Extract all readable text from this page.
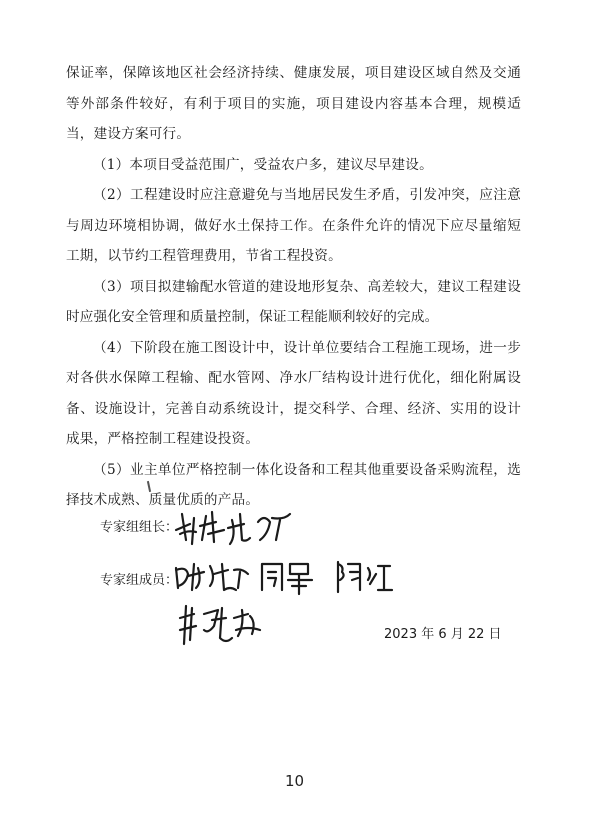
保证率，保障该地区社会经济持续、健康发展，项目建设区域自然及交通等外部条件较好，有利于项目的实施，项目建设内容基本合理，规模适当，建设方案可行。

（1）本项目受益范围广，受益农户多，建议尽早建设。

（2）工程建设时应注意避免与当地居民发生矛盾，引发冲突，应注意与周边环境相协调，做好水土保持工作。在条件允许的情况下应尽量缩短工期，以节约工程管理费用，节省工程投资。

（3）项目拟建输配水管道的建设地形复杂、高差较大，建议工程建设时应强化安全管理和质量控制，保证工程能顺利较好的完成。

（4）下阶段在施工图设计中，设计单位要结合工程施工现场，进一步对各供水保障工程输、配水管网、净水厂结构设计进行优化，细化附属设备、设施设计，完善自动系统设计，提交科学、合理、经济、实用的设计成果，严格控制工程建设投资。

（5）业主单位严格控制一体化设备和工程其他重要设备采购流程，选择技术成熟、质量优质的产品。

专家组组长：
专家组成员：
2023 年 6 月 22 日
10
